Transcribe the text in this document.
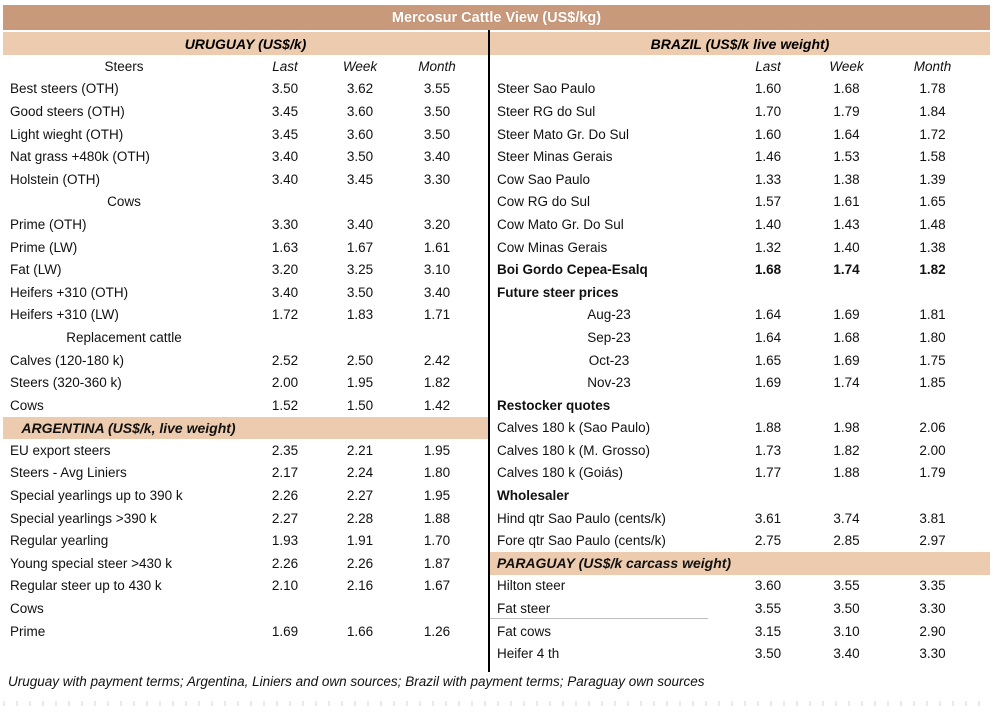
Mercosur Cattle View (US$/kg)
URUGUAY (US$/k)	BRAZIL (US$/k live weight)
Steers	Last	Week	Month
Best steers (OTH)	3.50	3.62	3.55
Good steers (OTH)	3.45	3.60	3.50
Light wieght (OTH)	3.45	3.60	3.50
Nat grass +480k (OTH)	3.40	3.50	3.40
Holstein (OTH)	3.40	3.45	3.30
Cows
Prime (OTH)	3.30	3.40	3.20
Prime (LW)	1.63	1.67	1.61
Fat (LW)	3.20	3.25	3.10
Heifers +310 (OTH)	3.40	3.50	3.40
Heifers +310 (LW)	1.72	1.83	1.71
Replacement cattle
Calves (120-180 k)	2.52	2.50	2.42
Steers (320-360 k)	2.00	1.95	1.82
Cows	1.52	1.50	1.42
ARGENTINA (US$/k, live weight)
EU export steers	2.35	2.21	1.95
Steers - Avg Liniers	2.17	2.24	1.80
Special yearlings up to 390 k	2.26	2.27	1.95
Special yearlings >390 k	2.27	2.28	1.88
Regular yearling	1.93	1.91	1.70
Young special steer >430 k	2.26	2.26	1.87
Regular steer up to 430 k	2.10	2.16	1.67
Cows
Prime	1.69	1.66	1.26
Last	Week	Month
Steer Sao Paulo	1.60	1.68	1.78
Steer RG do Sul	1.70	1.79	1.84
Steer Mato Gr. Do Sul	1.60	1.64	1.72
Steer Minas Gerais	1.46	1.53	1.58
Cow Sao Paulo	1.33	1.38	1.39
Cow RG do Sul	1.57	1.61	1.65
Cow Mato Gr. Do Sul	1.40	1.43	1.48
Cow Minas Gerais	1.32	1.40	1.38
Boi Gordo Cepea-Esalq	1.68	1.74	1.82
Future steer prices
Aug-23	1.64	1.69	1.81
Sep-23	1.64	1.68	1.80
Oct-23	1.65	1.69	1.75
Nov-23	1.69	1.74	1.85
Restocker quotes
Calves 180 k (Sao Paulo)	1.88	1.98	2.06
Calves 180 k (M. Grosso)	1.73	1.82	2.00
Calves 180 k (Goiás)	1.77	1.88	1.79
Wholesaler
Hind qtr Sao Paulo (cents/k)	3.61	3.74	3.81
Fore qtr Sao Paulo (cents/k)	2.75	2.85	2.97
PARAGUAY (US$/k carcass weight)
Hilton steer	3.60	3.55	3.35
Fat steer	3.55	3.50	3.30
Fat cows	3.15	3.10	2.90
Heifer 4 th	3.50	3.40	3.30
Uruguay with payment terms; Argentina, Liniers and own sources; Brazil with payment terms; Paraguay own sources
